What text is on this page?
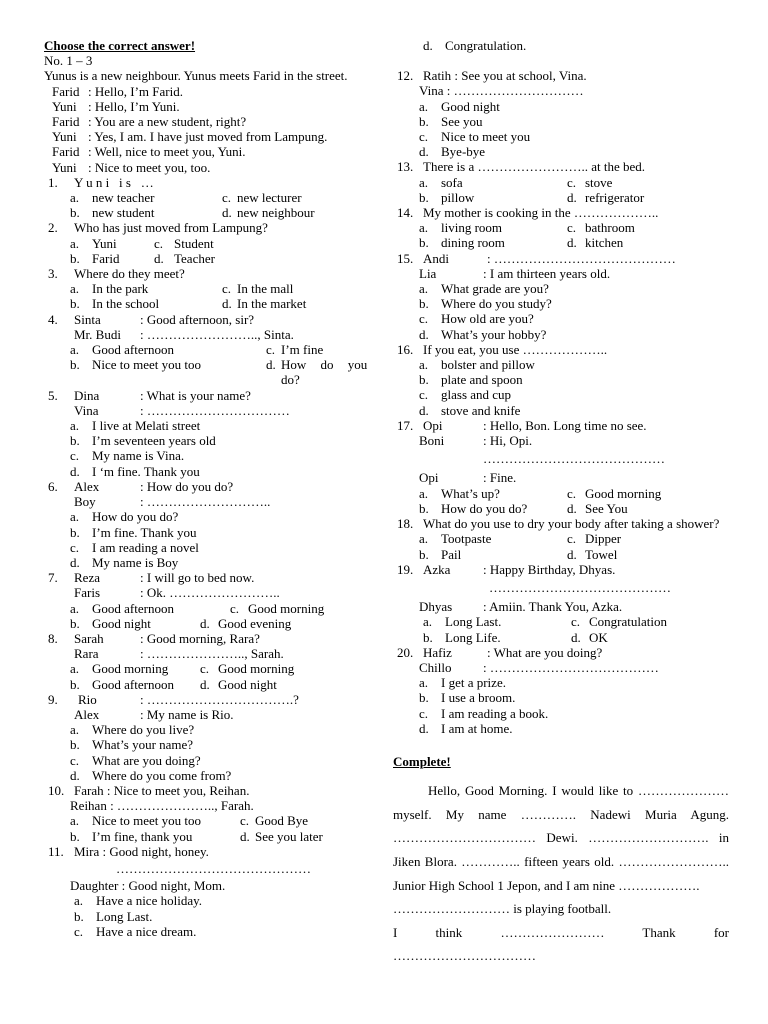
Choose the correct answer!
No. 1 – 3
Yunus is a new neighbour. Yunus meets Farid in the street.
Farid : Hello, I’m Farid.
Yuni : Hello, I’m Yuni.
Farid : You are a new student, right?
Yuni : Yes, I am. I have just moved from Lampung.
Farid : Well, nice to meet you, Yuni.
Yuni : Nice to meet you, too.
1.	Y u n i   i s   …
a. new teacher	c. new lecturer
b. new student	d. new neighbour
2.	Who has just moved from Lampung?
a. Yuni	c. Student
b. Farid	d. Teacher
3.	Where do they meet?
a. In the park	c. In the mall
b. In the school	d. In the market
4.	Sinta	: Good afternoon, sir?
Mr. Budi	: …………………….., Sinta.
a. Good afternoon	c. I’m fine
b. Nice to meet you too	d. How do you do?
5.	Dina	: What is your name?
Vina	: ……………………………
a. I live at Melati street
b. I’m seventeen years old
c. My name is Vina.
d. I ‘m fine. Thank you
6.	Alex	: How do you do?
Boy	: ………………………..
a. How do you do?
b. I’m fine. Thank you
c. I am reading a novel
d. My name is Boy
7.	Reza	: I will go to bed now.
Faris	: Ok. ……………………..
a. Good afternoon	c. Good morning
b. Good night	d. Good evening
8.	Sarah	: Good morning, Rara?
Rara	: ………………….., Sarah.
a. Good morning c. Good morning
b. Good afternoon d. Good night
9.	Rio	: …………………………….?
Alex	: My name is Rio.
a. Where do you live?
b. What’s your name?
c. What are you doing?
d. Where do you come from?
10. Farah : Nice to meet you, Reihan.
Reihan : ………………….., Farah.
a. Nice to meet you too	c. Good Bye
b. I’m fine, thank you	d. See you later
11. Mira : Good night, honey.
………………………………………
Daughter : Good night, Mom.
a. Have a nice holiday.
b. Long Last.
c. Have a nice dream.
d. Congratulation.
12. Ratih : See you at school, Vina.
Vina : …………………………
a. Good night
b. See you
c. Nice to meet you
d. Bye-bye
13. There is a …………………….. at the bed.
a. sofa	c. stove
b. pillow	d. refrigerator
14. My mother is cooking in the ………………..
a. living room	c. bathroom
b. dining room	d. kitchen
15. Andi	: ……………………………………
Lia	: I am thirteen years old.
a. What grade are you?
b. Where do you study?
c. How old are you?
d. What’s your hobby?
16. If you eat, you use ………………..
a. bolster and pillow
b. plate and spoon
c. glass and cup
d. stove and knife
17. Opi	: Hello, Bon. Long time no see.
Boni	: Hi, Opi.
……………………………………
Opi	: Fine.
a. What’s up?	c. Good morning
b. How do you do?	d. See You
18. What do you use to dry your body after taking a shower?
a. Tootpaste	c. Dipper
b. Pail	d. Towel
19. Azka	: Happy Birthday, Dhyas.
……………………………………
Dhyas	: Amiin. Thank You, Azka.
a. Long Last.	c. Congratulation
b. Long Life.	d. OK
20. Hafiz	: What are you doing?
Chillo	: …………………………………
a. I get a prize.
b. I use a broom.
c. I am reading a book.
d. I am at home.
Complete!
Hello, Good Morning. I would like to ………………… myself. My name …………. Nadewi Muria Agung. …………………………… Dewi. ………………………. in Jiken Blora. ………….. fifteen years old. …………………….. Junior High School 1 Jepon, and I am nine ……………….
……………………… is playing football.
I think …………………… Thank for ……………………………
